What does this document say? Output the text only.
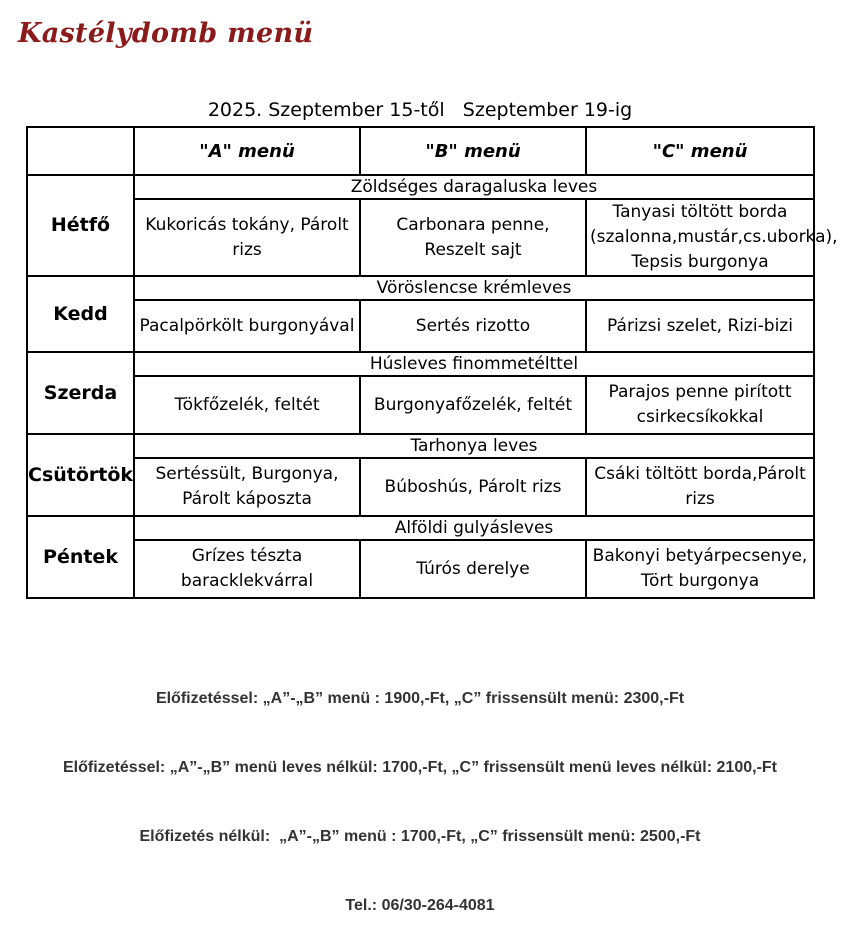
Kastélydomb menü
2025. Szeptember 15-től   Szeptember 19-ig
	"A" menü	"B" menü	"C" menü
Hétfő	Zöldséges daragaluska leves		
	Kukoricás tokány, Párolt rizs	Carbonara penne, Reszelt sajt	Tanyasi töltött borda (szalonna,mustár,cs.uborka), Tepsis burgonya
Kedd	Vöröslencse krémleves		
	Pacalpörkölt burgonyával	Sertés rizotto	Párizsi szelet, Rizi-bizi
Szerda	Húsleves finommetélttel		
	Tökfőzelék, feltét	Burgonyafőzelék, feltét	Parajos penne pirított csirkecsíkokkal
Csütörtök	Tarhonya leves		
	Sertéssült, Burgonya, Párolt káposzta	Búboshús, Párolt rizs	Csáki töltött borda,Párolt rizs
Péntek	Alföldi gulyásleves		
	Grízes tészta baracklekvárral	Túrós derelye	Bakonyi betyárpecsenye, Tört burgonya

Előfizetéssel: „A”-„B” menü : 1900,-Ft, „C” frissensült menü: 2300,-Ft

Előfizetéssel: „A”-„B” menü leves nélkül: 1700,-Ft, „C” frissensült menü leves nélkül: 2100,-Ft

Előfizetés nélkül:  „A”-„B” menü : 1700,-Ft, „C” frissensült menü: 2500,-Ft

Tel.: 06/30-264-4081
